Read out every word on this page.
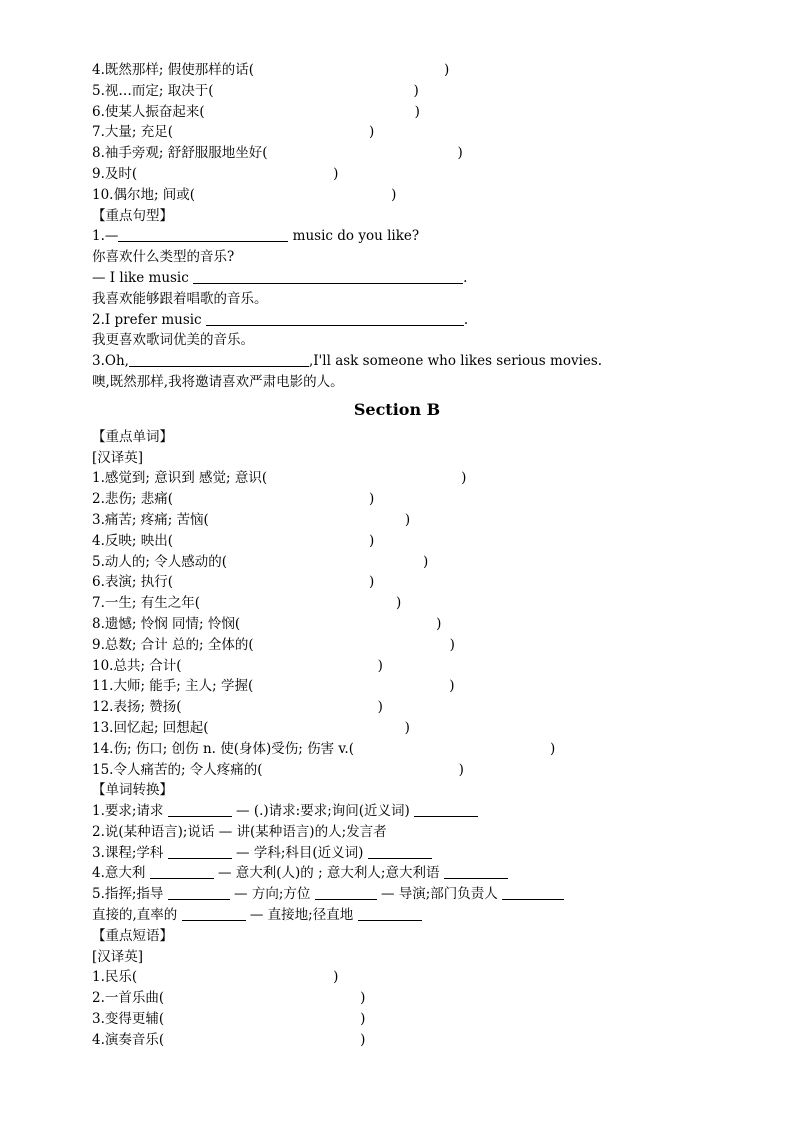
4.既然那样; 假使那样的话(	)
5.视…而定; 取决于(	)
6.使某人振奋起来(	)
7.大量; 充足(	)
8.袖手旁观; 舒舒服服地坐好(	)
9.及时(	)
10.偶尔地; 间或(	)
【重点句型】
1.—	music do you like?
你喜欢什么类型的音乐?
— I like music	.
我喜欢能够跟着唱歌的音乐。
2.I prefer music	.
我更喜欢歌词优美的音乐。
3.Oh,	,I'll ask someone who likes serious movies.
噢,既然那样,我将邀请喜欢严肃电影的人。
Section B
【重点单词】
[汉译英]
1.感觉到; 意识到 感觉; 意识(	)
2.悲伤; 悲痛(	)
3.痛苦; 疼痛; 苦恼(	)
4.反映; 映出(	)
5.动人的; 令人感动的(	)
6.表演; 执行(	)
7.一生; 有生之年(	)
8.遗憾; 怜悯 同情; 怜悯(	)
9.总数; 合计 总的; 全体的(	)
10.总共; 合计(	)
11.大师; 能手; 主人; 学握(	)
12.表扬; 赞扬(	)
13.回忆起; 回想起(	)
14.伤; 伤口; 创伤 n. 使(身体)受伤; 伤害 v.(	)
15.令人痛苦的; 令人疼痛的(	)
【单词转换】
1.要求;请求	— (.)请求:要求;询问(近义词)
2.说(某种语言);说话 — 讲(某种语言)的人;发言者
3.课程;学科	— 学科;科目(近义词)
4.意大利	— 意大利(人)的 ; 意大利人;意大利语
5.指挥;指导	— 方向;方位	— 导演;部门负责人
直接的,直率的	— 直接地;径直地
【重点短语】
[汉译英]
1.民乐(	)
2.一首乐曲(	)
3.变得更辅(	)
4.演奏音乐(	)
